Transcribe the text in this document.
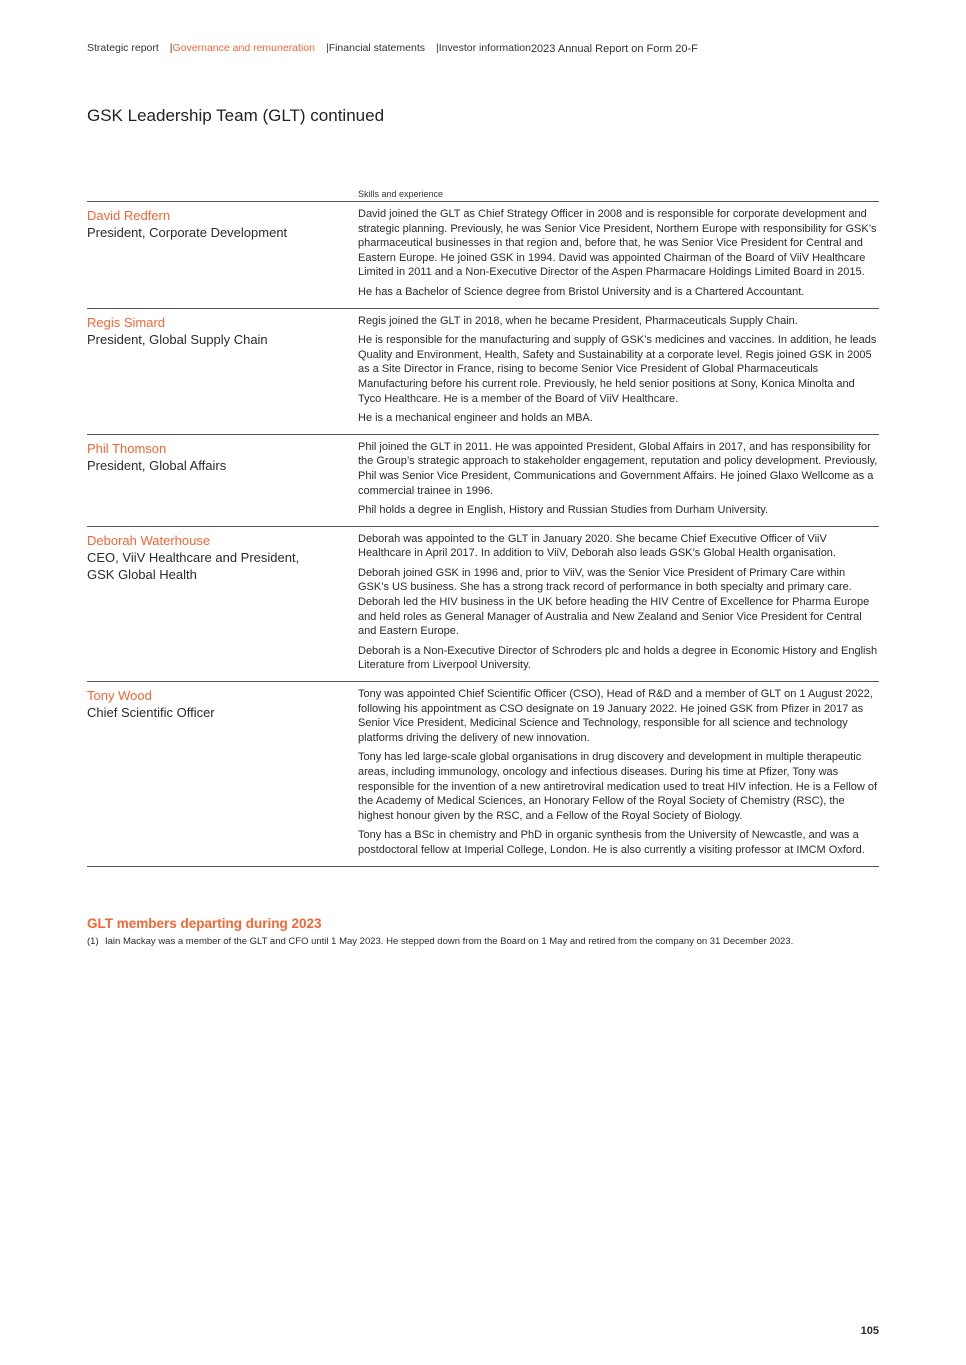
Strategic report |Governance and remuneration |Financial statements |Investor information 2023 Annual Report on Form 20-F
GSK Leadership Team (GLT) continued
Skills and experience
David Redfern
President, Corporate Development

David joined the GLT as Chief Strategy Officer in 2008 and is responsible for corporate development and strategic planning. Previously, he was Senior Vice President, Northern Europe with responsibility for GSK’s pharmaceutical businesses in that region and, before that, he was Senior Vice President for Central and Eastern Europe. He joined GSK in 1994. David was appointed Chairman of the Board of ViiV Healthcare Limited in 2011 and a Non-Executive Director of the Aspen Pharmacare Holdings Limited Board in 2015.

He has a Bachelor of Science degree from Bristol University and is a Chartered Accountant.

Regis Simard
President, Global Supply Chain

Regis joined the GLT in 2018, when he became President, Pharmaceuticals Supply Chain.

He is responsible for the manufacturing and supply of GSK’s medicines and vaccines. In addition, he leads Quality and Environment, Health, Safety and Sustainability at a corporate level. Regis joined GSK in 2005 as a Site Director in France, rising to become Senior Vice President of Global Pharmaceuticals Manufacturing before his current role. Previously, he held senior positions at Sony, Konica Minolta and Tyco Healthcare. He is a member of the Board of ViiV Healthcare.

He is a mechanical engineer and holds an MBA.

Phil Thomson
President, Global Affairs

Phil joined the GLT in 2011. He was appointed President, Global Affairs in 2017, and has responsibility for the Group’s strategic approach to stakeholder engagement, reputation and policy development. Previously, Phil was Senior Vice President, Communications and Government Affairs. He joined Glaxo Wellcome as a commercial trainee in 1996.

Phil holds a degree in English, History and Russian Studies from Durham University.

Deborah Waterhouse
CEO, ViiV Healthcare and President, GSK Global Health

Deborah was appointed to the GLT in January 2020. She became Chief Executive Officer of ViiV Healthcare in April 2017. In addition to ViiV, Deborah also leads GSK’s Global Health organisation.

Deborah joined GSK in 1996 and, prior to ViiV, was the Senior Vice President of Primary Care within GSK’s US business. She has a strong track record of performance in both specialty and primary care. Deborah led the HIV business in the UK before heading the HIV Centre of Excellence for Pharma Europe and held roles as General Manager of Australia and New Zealand and Senior Vice President for Central and Eastern Europe.

Deborah is a Non-Executive Director of Schroders plc and holds a degree in Economic History and English Literature from Liverpool University.

Tony Wood
Chief Scientific Officer

Tony was appointed Chief Scientific Officer (CSO), Head of R&D and a member of GLT on 1 August 2022, following his appointment as CSO designate on 19 January 2022. He joined GSK from Pfizer in 2017 as Senior Vice President, Medicinal Science and Technology, responsible for all science and technology platforms driving the delivery of new innovation.

Tony has led large-scale global organisations in drug discovery and development in multiple therapeutic areas, including immunology, oncology and infectious diseases. During his time at Pfizer, Tony was responsible for the invention of a new antiretroviral medication used to treat HIV infection. He is a Fellow of the Academy of Medical Sciences, an Honorary Fellow of the Royal Society of Chemistry (RSC), the highest honour given by the RSC, and a Fellow of the Royal Society of Biology.

Tony has a BSc in chemistry and PhD in organic synthesis from the University of Newcastle, and was a postdoctoral fellow at Imperial College, London. He is also currently a visiting professor at IMCM Oxford.

GLT members departing during 2023
(1) Iain Mackay was a member of the GLT and CFO until 1 May 2023. He stepped down from the Board on 1 May and retired from the company on 31 December 2023.
105
